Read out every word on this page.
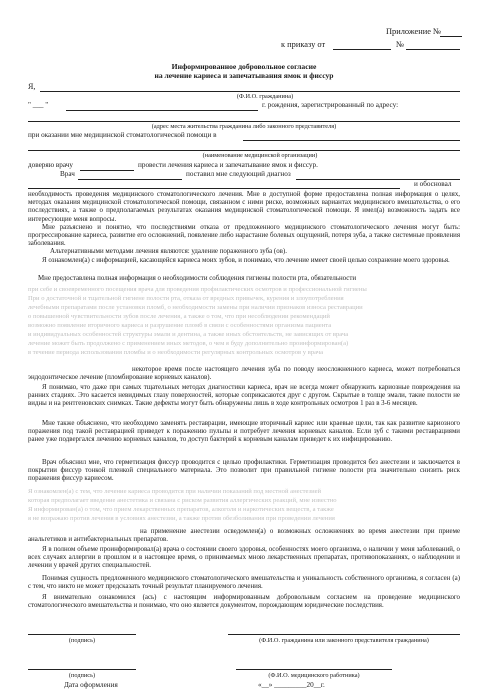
Приложение №
к приказу от	№
Информированное добровольное согласие
на лечение кариеса и запечатывания ямок и фиссур
Я,
(Ф.И.О. гражданина)
" ___ "	г. рождения, зарегистрированный по адресу:
(адрес места жительства гражданина либо законного представителя)
при оказании мне медицинской стоматологической помощи в
(наименование медицинской организации)
доверяю врачу	провести лечения кариеса и запечатывание ямок и фиссур.
Врач	поставил мне следующий диагноз
и обосновал
необходимость проведения медицинского стоматологического лечения. Мне в доступной форме предоставлена полная информация о целях, методах оказания медицинской стоматологической помощи, связанном с ними риске, возможных вариантах медицинского вмешательства, о его последствиях, а также о предполагаемых результатах оказания медицинской стоматологической помощи. Я имел(а) возможность задать все интересующие меня вопросы.
Мне разъяснено и понятно, что последствиями отказа от предложенного медицинского стоматологического лечения могут быть: прогрессирование кариеса, развитие его осложнений, появление либо нарастание болевых ощущений, потеря зуба, а также системные проявления заболевания.
Альтернативными методами лечения являются: удаление пораженного зуба (ов).
Я ознакомлен(а) с информацией, касающейся кариеса моих зубов, и понимаю, что лечение имеет своей целью сохранение моего здоровья.
Мне предоставлена полная информация о необходимости соблюдения гигиены полости рта, обязательности
при себе и своевременного посещения врача для проведения профилактических осмотров и профессиональной гигиены
При о достаточной и тщательной гигиене полости рта, отказа от вредных привычек, курения и злоупотребления
лечебными препаратами после установки пломб, о необходимости замены при наличии признаков износа реставрации
о повышенной чувствительности зубов после лечения, а также о том, что при несоблюдении рекомендаций
возможно появление вторичного кариеса и разрушение пломб в связи с особенностями организма пациента
и индивидуальных особенностей структуры эмали и дентина, а также иных обстоятельств, не зависящих от врача
лечение может быть продолжено с применением иных методов, о чем я буду дополнительно проинформирован(а)
в течение периода использования пломбы и о необходимости регулярных контрольных осмотров у врача
некоторое время после настоящего лечения зуба по поводу неосложненного кариеса, может потребоваться эндодонтическое лечение (пломбирование корневых каналов).
Я понимаю, что даже при самых тщательных методах диагностики кариеса, врач не всегда может обнаружить кариозные повреждения на ранних стадиях. Это касается невидимых глазу поверхностей, которые соприкасаются друг с другом. Скрытые в толще эмали, такие полости не видны и на рентгеновских снимках. Такие дефекты могут быть обнаружены лишь в ходе контрольных осмотров 1 раз в 3-6 месяцев.
Мне также объяснено, что необходимо заменять реставрации, имеющие вторичный кариес или краевые щели, так как развитие кариозного поражения под такой реставрацией приведет к поражению пульпы и потребует лечения корневых каналов. Если зуб с такими реставрациями ранее уже подвергался лечению корневых каналов, то доступ бактерий к корневым каналам приведет к их инфицированию.
Врач объяснил мне, что герметизация фиссур проводится с целью профилактики. Герметизация проводится без анестезии и заключается в покрытии фиссур тонкой пленкой специального материала. Это позволит при правильной гигиене полости рта значительно снизить риск поражения фиссур кариесом.
Я ознакомлен(а) с тем, что лечение кариеса проводится при наличии показаний под местной анестезией
которая предполагает введение анестетика и связана с риском развития аллергических реакций, мне известно
Я информирован(а) о том, что прием лекарственных препаратов, алкоголя и наркотических веществ, а также
я не возражаю против лечения в условиях анестезии, а также против обезболивания при проведении лечения
на применение анестезии осведомлен(а) о возможных осложнениях во время анестезии при приеме анальгетиков и антибактериальных препаратов.
Я в полном объеме проинформировал(а) врача о состоянии своего здоровья, особенностях моего организма, о наличии у меня заболеваний, о всех случаях аллергии в прошлом и в настоящее время, о принимаемых мною лекарственных препаратах, противопоказаниях, о наблюдении и лечении у врачей других специальностей.
Понимая сущность предложенного медицинского стоматологического вмешательства и уникальность собственного организма, я согласен (а) с тем, что никто не может предсказать точный результат планируемого лечения.
Я внимательно ознакомился (ась) с настоящим информированным добровольным согласием на проведение медицинского стоматологического вмешательства и понимаю, что оно является документом, порождающим юридические последствия.
(подпись)	(Ф.И.О. гражданина или законного представителя гражданина)
(подпись)	(Ф.И.О. медицинского работника)
Дата оформления	«__» _________20__г.
